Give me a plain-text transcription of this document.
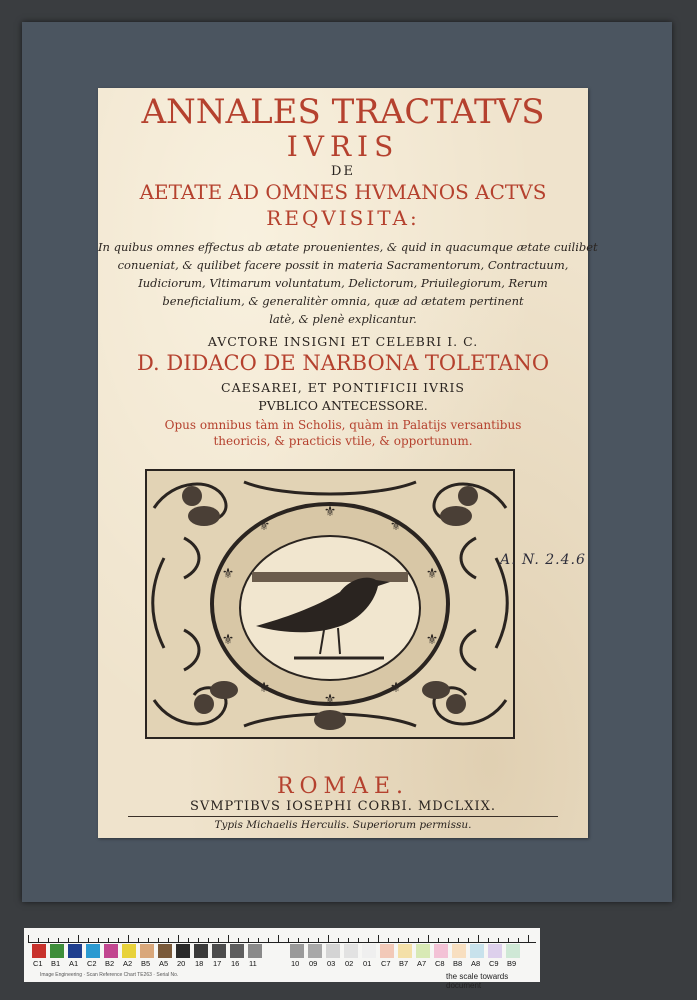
ANNALES TRACTATVS
IVRIS
DE
AETATE AD OMNES HVMANOS ACTVS
REQVISITA:
In quibus omnes effectus ab ætate prouenientes, & quid in quacumque ætate cuilibet
conueniat, & quilibet facere possit in materia Sacramentorum, Contractuum,
Iudiciorum, Vltimarum voluntatum, Delictorum, Priuilegiorum, Rerum
beneficialium, & generalitèr omnia, quæ ad ætatem pertinent
latè, & plenè explicantur.
AVCTORE INSIGNI ET CELEBRI I. C.
D. DIDACO DE NARBONA TOLETANO
CAESAREI, ET PONTIFICII IVRIS
PVBLICO ANTECESSORE.
Opus omnibus tàm in Scholis, quàm in Palatijs versantibus
theoricis, & practicis vtile, & opportunum.
⚜
⚜	⚜
⚜	⚜
⚜	⚜
⚜	⚜
⚜
ROMAE.
SVMPTIBVS IOSEPHI CORBI. MDCLXIX.
Typis Michaelis Herculis. Superiorum permissu.
A. N. 2.4.6
Image Engineering · Scan Reference Chart TE263 · Serial No.	the scale towards document
C1 B1 A1 C2 B2 A2 B5 A5 20 18 17 16 11	10 09 03 02 01 C7 B7 A7 C8 B8 A8 C9 B9
